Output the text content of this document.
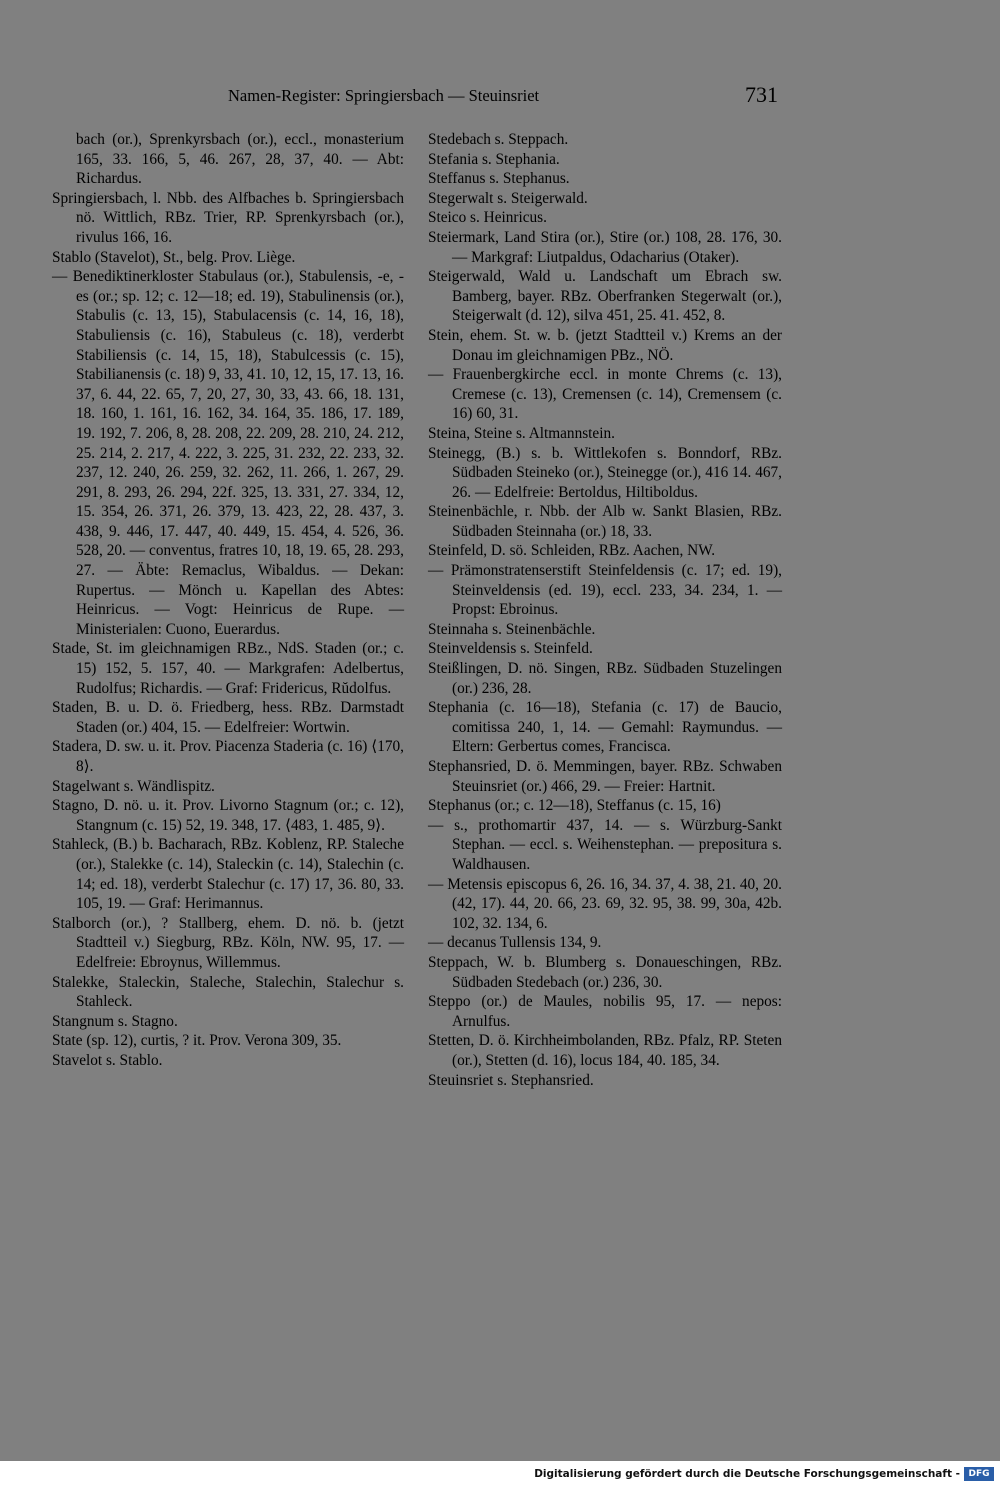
Namen-Register: Springiersbach — Steuinsriet	731

bach (or.), Sprenkyrsbach (or.), eccl., monasterium 165, 33. 166, 5, 46. 267, 28, 37, 40. — Abt: Richardus.

Springiersbach, l. Nbb. des Alfbaches b. Springiersbach nö. Wittlich, RBz. Trier, RP. Sprenkyrsbach (or.), rivulus 166, 16.

Stablo (Stavelot), St., belg. Prov. Liège.

— Benediktinerkloster Stabulaus (or.), Stabulensis, -e, -es (or.; sp. 12; c. 12—18; ed. 19), Stabulinensis (or.), Stabulis (c. 13, 15), Stabulacensis (c. 14, 16, 18), Stabuliensis (c. 16), Stabuleus (c. 18), verderbt Stabiliensis (c. 14, 15, 18), Stabulcessis (c. 15), Stabilianensis (c. 18) 9, 33, 41. 10, 12, 15, 17. 13, 16. 37, 6. 44, 22. 65, 7, 20, 27, 30, 33, 43. 66, 18. 131, 18. 160, 1. 161, 16. 162, 34. 164, 35. 186, 17. 189, 19. 192, 7. 206, 8, 28. 208, 22. 209, 28. 210, 24. 212, 25. 214, 2. 217, 4. 222, 3. 225, 31. 232, 22. 233, 32. 237, 12. 240, 26. 259, 32. 262, 11. 266, 1. 267, 29. 291, 8. 293, 26. 294, 22f. 325, 13. 331, 27. 334, 12, 15. 354, 26. 371, 26. 379, 13. 423, 22, 28. 437, 3. 438, 9. 446, 17. 447, 40. 449, 15. 454, 4. 526, 36. 528, 20. — conventus, fratres 10, 18, 19. 65, 28. 293, 27. — Äbte: Remaclus, Wibaldus. — Dekan: Rupertus. — Mönch u. Kapellan des Abtes: Heinricus. — Vogt: Heinricus de Rupe. — Ministerialen: Cuono, Euerardus.

Stade, St. im gleichnamigen RBz., NdS. Staden (or.; c. 15) 152, 5. 157, 40. — Markgrafen: Adelbertus, Rudolfus; Richardis. — Graf: Fridericus, Rŭdolfus.

Staden, B. u. D. ö. Friedberg, hess. RBz. Darmstadt Staden (or.) 404, 15. — Edelfreier: Wortwin.

Stadera, D. sw. u. it. Prov. Piacenza Staderia (c. 16) ⟨170, 8⟩.

Stagelwant s. Wändlispitz.

Stagno, D. nö. u. it. Prov. Livorno Stagnum (or.; c. 12), Stangnum (c. 15) 52, 19. 348, 17. ⟨483, 1. 485, 9⟩.

Stahleck, (B.) b. Bacharach, RBz. Koblenz, RP. Staleche (or.), Stalekke (c. 14), Staleckin (c. 14), Stalechin (c. 14; ed. 18), verderbt Stalechur (c. 17) 17, 36. 80, 33. 105, 19. — Graf: Herimannus.

Stalborch (or.), ? Stallberg, ehem. D. nö. b. (jetzt Stadtteil v.) Siegburg, RBz. Köln, NW. 95, 17. — Edelfreie: Ebroynus, Willemmus.

Stalekke, Staleckin, Staleche, Stalechin, Stalechur s. Stahleck.

Stangnum s. Stagno.

State (sp. 12), curtis, ? it. Prov. Verona 309, 35.

Stavelot s. Stablo.

Stedebach s. Steppach.

Stefania s. Stephania.

Steffanus s. Stephanus.

Stegerwalt s. Steigerwald.

Steico s. Heinricus.

Steiermark, Land Stira (or.), Stire (or.) 108, 28. 176, 30. — Markgraf: Liutpaldus, Odacharius (Otaker).

Steigerwald, Wald u. Landschaft um Ebrach sw. Bamberg, bayer. RBz. Oberfranken Stegerwalt (or.), Steigerwalt (d. 12), silva 451, 25. 41. 452, 8.

Stein, ehem. St. w. b. (jetzt Stadtteil v.) Krems an der Donau im gleichnamigen PBz., NÖ.

— Frauenbergkirche eccl. in monte Chrems (c. 13), Cremese (c. 13), Cremensen (c. 14), Cremensem (c. 16) 60, 31.

Steina, Steine s. Altmannstein.

Steinegg, (B.) s. b. Wittlekofen s. Bonndorf, RBz. Südbaden Steineko (or.), Steinegge (or.), 416 14. 467, 26. — Edelfreie: Bertoldus, Hiltiboldus.

Steinenbächle, r. Nbb. der Alb w. Sankt Blasien, RBz. Südbaden Steinnaha (or.) 18, 33.

Steinfeld, D. sö. Schleiden, RBz. Aachen, NW.

— Prämonstratenserstift Steinfeldensis (c. 17; ed. 19), Steinveldensis (ed. 19), eccl. 233, 34. 234, 1. — Propst: Ebroinus.

Steinnaha s. Steinenbächle.

Steinveldensis s. Steinfeld.

Steißlingen, D. nö. Singen, RBz. Südbaden Stuzelingen (or.) 236, 28.

Stephania (c. 16—18), Stefania (c. 17) de Baucio, comitissa 240, 1, 14. — Gemahl: Raymundus. — Eltern: Gerbertus comes, Francisca.

Stephansried, D. ö. Memmingen, bayer. RBz. Schwaben Steuinsriet (or.) 466, 29. — Freier: Hartnit.

Stephanus (or.; c. 12—18), Steffanus (c. 15, 16)

— s., prothomartir 437, 14. — s. Würzburg-Sankt Stephan. — eccl. s. Weihenstephan. — prepositura s. Waldhausen.

— Metensis episcopus 6, 26. 16, 34. 37, 4. 38, 21. 40, 20. (42, 17). 44, 20. 66, 23. 69, 32. 95, 38. 99, 30a, 42b. 102, 32. 134, 6.

— decanus Tullensis 134, 9.

Steppach, W. b. Blumberg s. Donaueschingen, RBz. Südbaden Stedebach (or.) 236, 30.

Steppo (or.) de Maules, nobilis 95, 17. — nepos: Arnulfus.

Stetten, D. ö. Kirchheimbolanden, RBz. Pfalz, RP. Steten (or.), Stetten (d. 16), locus 184, 40. 185, 34.

Steuinsriet s. Stephansried.

Digitalisierung gefördert durch die Deutsche Forschungsgemeinschaft - DFG
